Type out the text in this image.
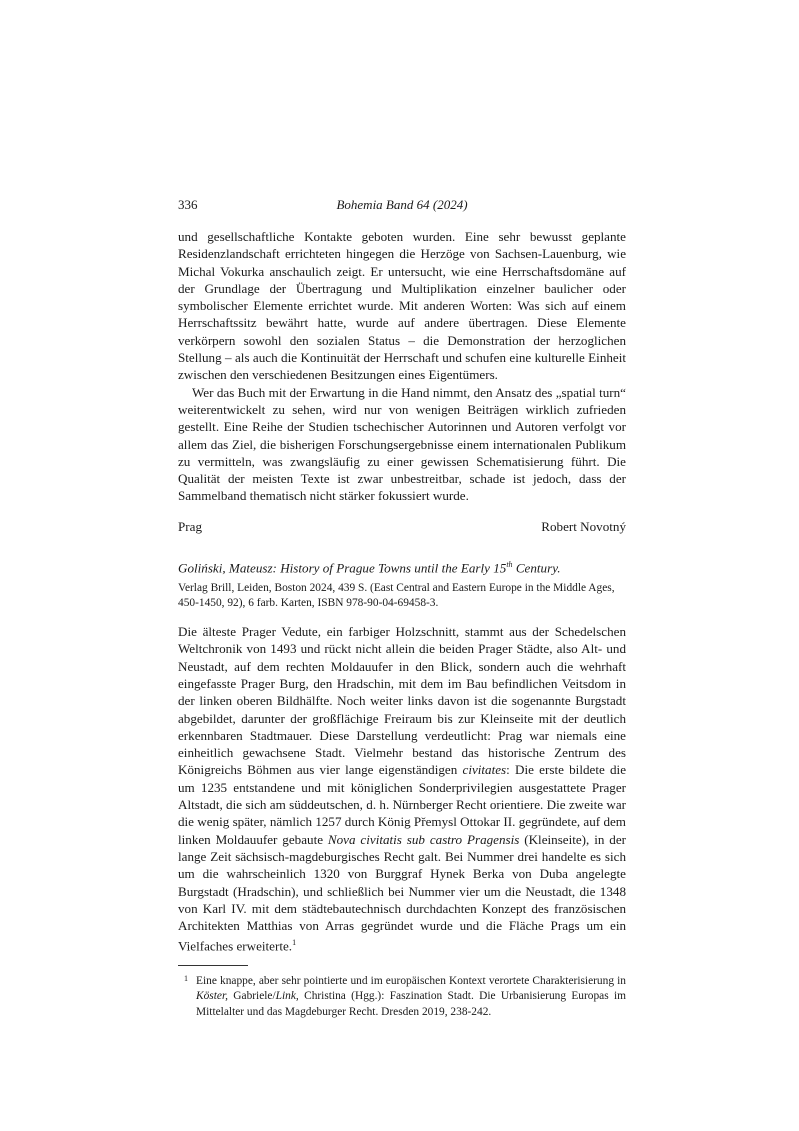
336	Bohemia Band 64 (2024)

und gesellschaftliche Kontakte geboten wurden. Eine sehr bewusst geplante Residenzlandschaft errichteten hingegen die Herzöge von Sachsen-Lauenburg, wie Michal Vokurka anschaulich zeigt. Er untersucht, wie eine Herrschaftsdomäne auf der Grundlage der Übertragung und Multiplikation einzelner baulicher oder symbolischer Elemente errichtet wurde. Mit anderen Worten: Was sich auf einem Herrschaftssitz bewährt hatte, wurde auf andere übertragen. Diese Elemente verkörpern sowohl den sozialen Status – die Demonstration der herzoglichen Stellung – als auch die Kontinuität der Herrschaft und schufen eine kulturelle Einheit zwischen den verschiedenen Besitzungen eines Eigentümers.

Wer das Buch mit der Erwartung in die Hand nimmt, den Ansatz des „spatial turn“ weiterentwickelt zu sehen, wird nur von wenigen Beiträgen wirklich zufrieden gestellt. Eine Reihe der Studien tschechischer Autorinnen und Autoren verfolgt vor allem das Ziel, die bisherigen Forschungsergebnisse einem internationalen Publikum zu vermitteln, was zwangsläufig zu einer gewissen Schematisierung führt. Die Qualität der meisten Texte ist zwar unbestreitbar, schade ist jedoch, dass der Sammelband thematisch nicht stärker fokussiert wurde.

Prag	Robert Novotný
Goliński, Mateusz: History of Prague Towns until the Early 15th Century.

Verlag Brill, Leiden, Boston 2024, 439 S. (East Central and Eastern Europe in the Middle Ages, 450-1450, 92), 6 farb. Karten, ISBN 978-90-04-69458-3.

Die älteste Prager Vedute, ein farbiger Holzschnitt, stammt aus der Schedelschen Weltchronik von 1493 und rückt nicht allein die beiden Prager Städte, also Alt- und Neustadt, auf dem rechten Moldauufer in den Blick, sondern auch die wehrhaft eingefasste Prager Burg, den Hradschin, mit dem im Bau befindlichen Veitsdom in der linken oberen Bildhälfte. Noch weiter links davon ist die sogenannte Burgstadt abgebildet, darunter der großflächige Freiraum bis zur Kleinseite mit der deutlich erkennbaren Stadtmauer. Diese Darstellung verdeutlicht: Prag war niemals eine einheitlich gewachsene Stadt. Vielmehr bestand das historische Zentrum des Königreichs Böhmen aus vier lange eigenständigen civitates: Die erste bildete die um 1235 entstandene und mit königlichen Sonderprivilegien ausgestattete Prager Altstadt, die sich am süddeutschen, d. h. Nürnberger Recht orientiere. Die zweite war die wenig später, nämlich 1257 durch König Přemysl Ottokar II. gegründete, auf dem linken Moldauufer gebaute Nova civitatis sub castro Pragensis (Kleinseite), in der lange Zeit sächsisch-magdeburgisches Recht galt. Bei Nummer drei handelte es sich um die wahrscheinlich 1320 von Burggraf Hynek Berka von Duba angelegte Burgstadt (Hradschin), und schließlich bei Nummer vier um die Neustadt, die 1348 von Karl IV. mit dem städtebautechnisch durchdachten Konzept des französischen Architekten Matthias von Arras gegründet wurde und die Fläche Prags um ein Vielfaches erweiterte.$^1$

1 Eine knappe, aber sehr pointierte und im europäischen Kontext verortete Charakterisierung in Köster, Gabriele/Link, Christina (Hgg.): Faszination Stadt. Die Urbanisierung Europas im Mittelalter und das Magdeburger Recht. Dresden 2019, 238-242.
